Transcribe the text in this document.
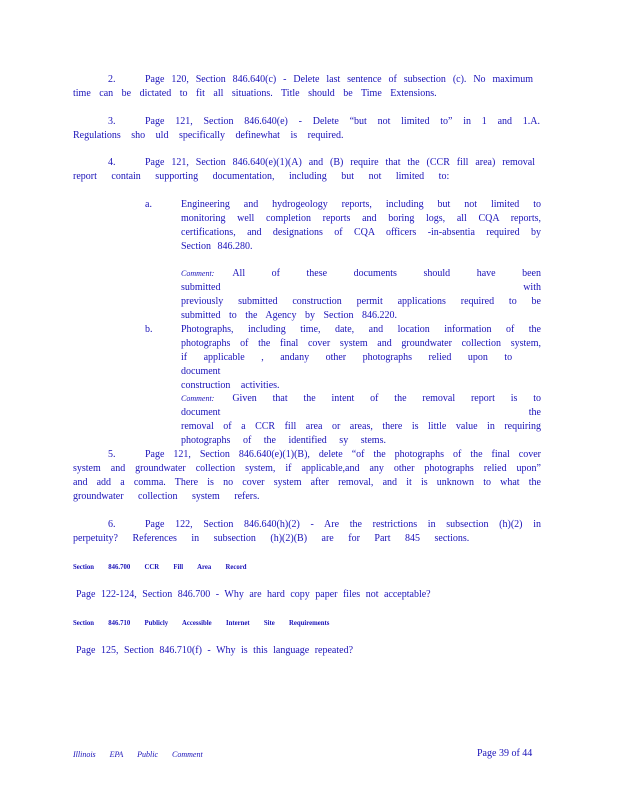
2.	Page 120, Section 846.640(c) - Delete last sentence of subsection (c). No maximum
time can be dictated to fit all situations. Title should be Time Extensions.
3.	Page 121, Section 846.640(e) - Delete “but not limited to” in 1 and 1.A.
Regulations sho uld specifically definewhat is required.
4.	Page 121, Section 846.640(e)(1)(A) and (B) require that the (CCR fill area) removal
report contain supporting documentation, including but not limited to:
a.	Engineering and hydrogeology reports, including but not limited to
monitoring well completion reports and boring logs, all CQA reports,
certifications, and designations of CQA officers -in-absentia required by
Section 846.280.
Comment: All of these documents should have been submitted with
previously submitted construction permit applications required to be
submitted to the Agency by Section 846.220.
b.	Photographs, including time, date, and location information of the
photographs of the final cover system and groundwater collection system,
if applicable , andany other photographs relied upon to document
construction activities.
Comment: Given that the intent of the removal report is to document the
removal of a CCR fill area or areas, there is little value in requiring
photographs of the identified sy stems.
5.	Page 121, Section 846.640(e)(1)(B), delete “of the photographs of the final cover
system and groundwater collection system, if applicable,and any other photographs relied upon”
and add a comma. There is no cover system after removal, and it is unknown to what the
groundwater collection system refers.
6.	Page 122, Section 846.640(h)(2) - Are the restrictions in subsection (h)(2) in
perpetuity? References in subsection (h)(2)(B) are for Part 845 sections.
Section 846.700 CCR Fill Area Record
Page 122-124, Section 846.700 - Why are hard copy paper files not acceptable?
Section 846.710 Publicly Accessible Internet Site Requirements
Page 125, Section 846.710(f) - Why is this language repeated?
Illinois EPA Public Comment	Page 39 of 44
